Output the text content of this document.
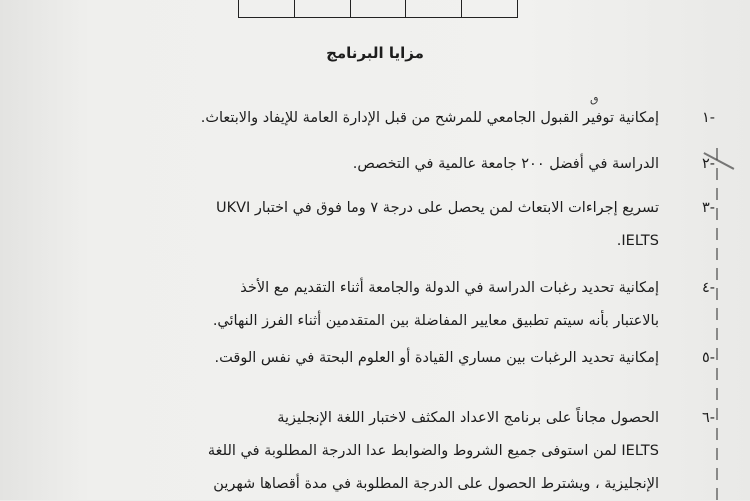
مزايا البرنامج
ٯ
-١
إمكانية توفير القبول الجامعي للمرشح من قبل الإدارة العامة للإيفاد والابتعاث.
-٢
الدراسة في أفضل ٢٠٠ جامعة عالمية في التخصص.
-٣
تسريع إجراءات الابتعاث لمن يحصل على درجة ٧ وما فوق في اختبار UKVI
IELTS.
-٤
إمكانية تحديد رغبات الدراسة في الدولة والجامعة أثناء التقديم مع الأخذ
بالاعتبار بأنه سيتم تطبيق معايير المفاضلة بين المتقدمين أثناء الفرز النهائي.
-٥
إمكانية تحديد الرغبات بين مساري القيادة أو العلوم البحتة في نفس الوقت.
-٦
الحصول مجاناً على برنامج الاعداد المكثف لاختبار اللغة الإنجليزية
IELTS لمن استوفى جميع الشروط والضوابط عدا الدرجة المطلوبة في اللغة
الإنجليزية ، ويشترط الحصول على الدرجة المطلوبة في مدة أقصاها شهرين
